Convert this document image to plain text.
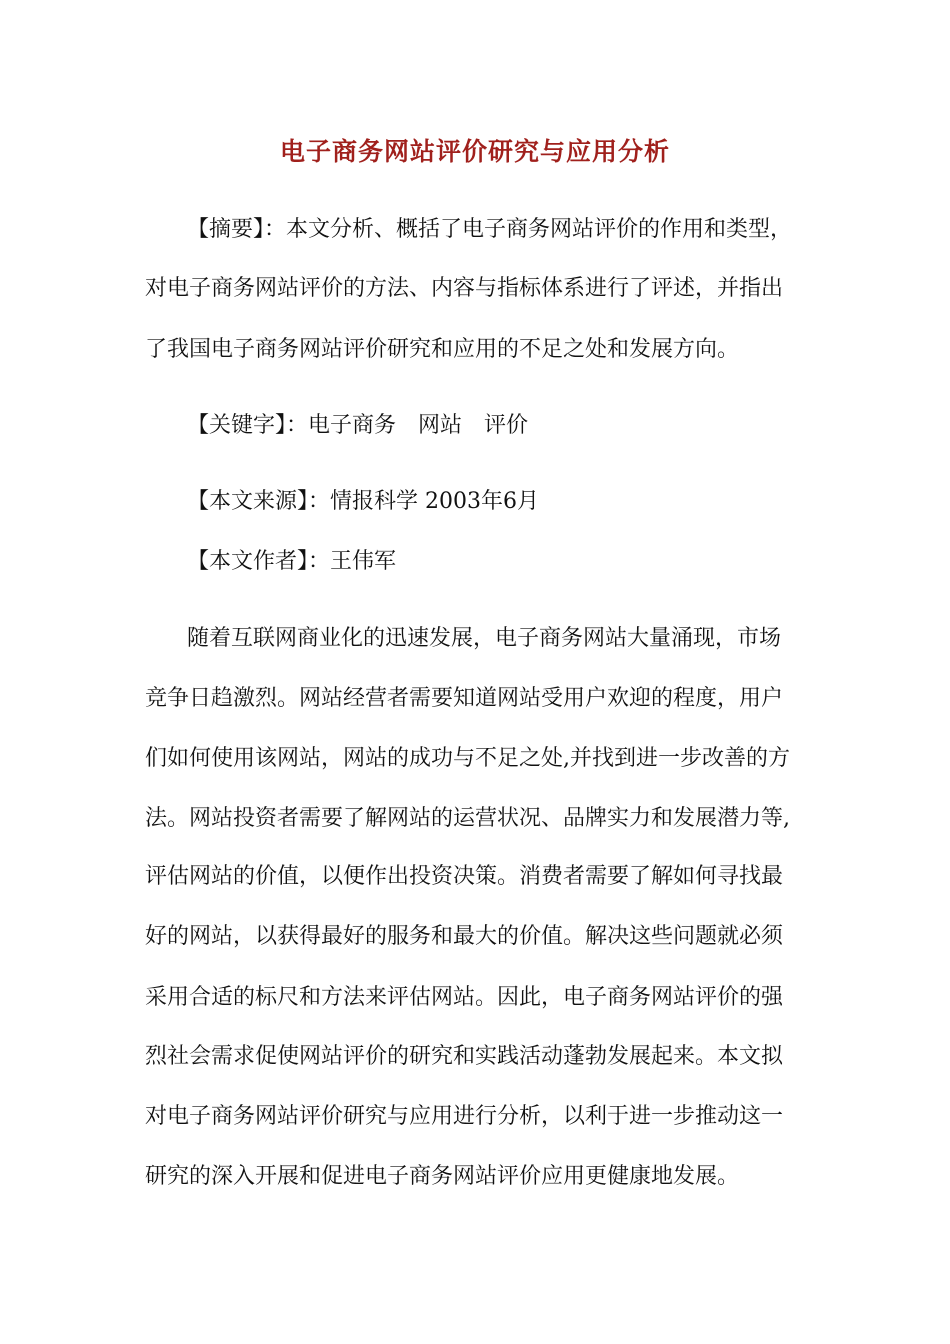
电子商务网站评价研究与应用分析
【摘要】：本文分析、概括了电子商务网站评价的作用和类型，
对电子商务网站评价的方法、内容与指标体系进行了评述，并指出
了我国电子商务网站评价研究和应用的不足之处和发展方向。
【关键字】：电子商务　网站　评价
【本文来源】：情报科学 2003年6月
【本文作者】：王伟军
随着互联网商业化的迅速发展，电子商务网站大量涌现，市场
竞争日趋激烈。网站经营者需要知道网站受用户欢迎的程度，用户
们如何使用该网站，网站的成功与不足之处,并找到进一步改善的方
法。网站投资者需要了解网站的运营状况、品牌实力和发展潜力等,
评估网站的价值，以便作出投资决策。消费者需要了解如何寻找最
好的网站，以获得最好的服务和最大的价值。解决这些问题就必须
采用合适的标尺和方法来评估网站。因此，电子商务网站评价的强
烈社会需求促使网站评价的研究和实践活动蓬勃发展起来。本文拟
对电子商务网站评价研究与应用进行分析，以利于进一步推动这一
研究的深入开展和促进电子商务网站评价应用更健康地发展。
